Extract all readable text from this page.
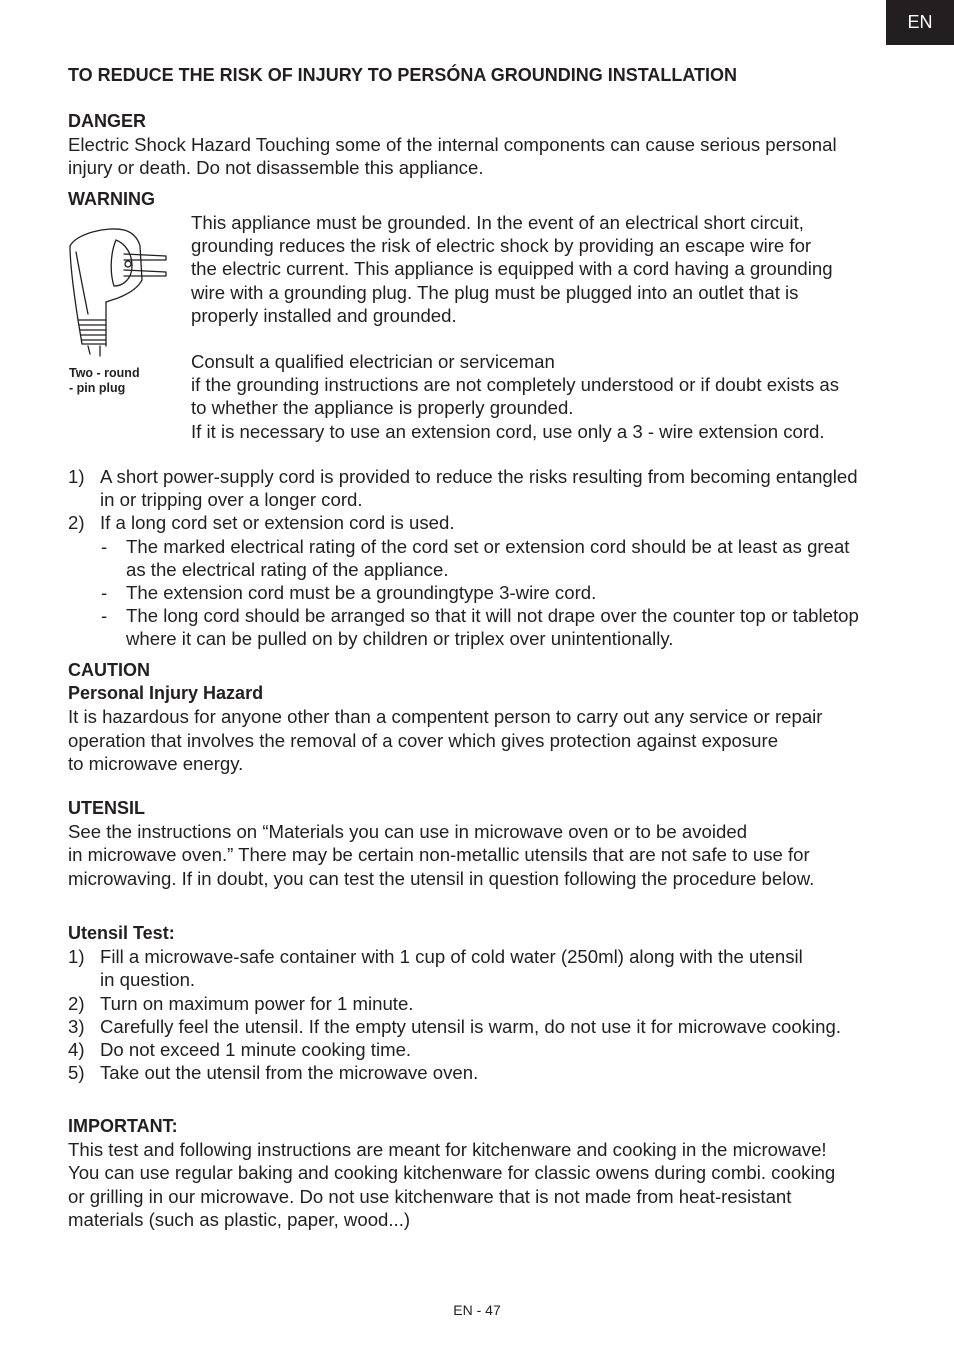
EN
TO REDUCE THE RISK OF INJURY TO PERSÓNA GROUNDING INSTALLATION
DANGER

Electric Shock Hazard Touching some of the internal components can cause serious personal

injury or death. Do not disassemble this appliance.

WARNING
Two - round
- pin plug

This appliance must be grounded. In the event of an electrical short circuit,

grounding reduces the risk of electric shock by providing an escape wire for

the electric current. This appliance is equipped with a cord having a grounding

wire with a grounding plug. The plug must be plugged into an outlet that is

properly installed and grounded.

Consult a qualified electrician or serviceman

if the grounding instructions are not completely understood or if doubt exists as

to whether the appliance is properly grounded.

If it is necessary to use an extension cord, use only a 3 - wire extension cord.

1) A short power-supply cord is provided to reduce the risks resulting from becoming entangled

in or tripping over a longer cord.

2) If a long cord set or extension cord is used.

- The marked electrical rating of the cord set or extension cord should be at least as great

as the electrical rating of the appliance.

- The extension cord must be a groundingtype 3-wire cord.

- The long cord should be arranged so that it will not drape over the counter top or tabletop

where it can be pulled on by children or triplex over unintentionally.

CAUTION
Personal Injury Hazard

It is hazardous for anyone other than a compentent person to carry out any service or repair

operation that involves the removal of a cover which gives protection against exposure

to microwave energy.

UTENSIL

See the instructions on “Materials you can use in microwave oven or to be avoided

in microwave oven.” There may be certain non-metallic utensils that are not safe to use for

microwaving. If in doubt, you can test the utensil in question following the procedure below.

Utensil Test:
1) Fill a microwave-safe container with 1 cup of cold water (250ml) along with the utensil

in question.

2) Turn on maximum power for 1 minute.

3) Carefully feel the utensil. If the empty utensil is warm, do not use it for microwave cooking.

4) Do not exceed 1 minute cooking time.

5) Take out the utensil from the microwave oven.

IMPORTANT:

This test and following instructions are meant for kitchenware and cooking in the microwave!

You can use regular baking and cooking kitchenware for classic owens during combi. cooking

or grilling in our microwave. Do not use kitchenware that is not made from heat-resistant

materials (such as plastic, paper, wood...)

EN - 47
